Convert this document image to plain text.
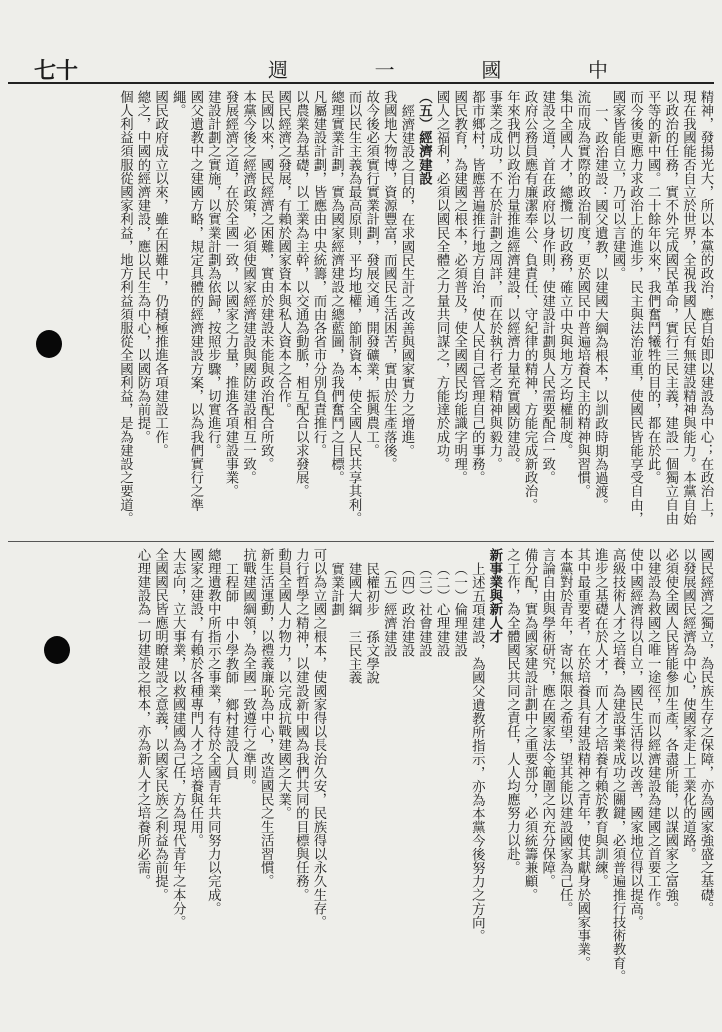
七十	週	一	國	中

精神，發揚光大，所以本黨的政治，應自始即以建設為中心；在政治上，

現在我國能否自立於世界，全視我國人民有無建設精神與能力。本黨自始

以政治的任務，實不外完成國民革命，實行三民主義，建設一個獨立自由

平等的新中國。二十餘年以來，我們奮鬥犧牲的目的，都在於此。

而今後更應力求政治上的進步，民主與法治並重，使國民皆能享受自由，

國家皆能自立，乃可以言建國。

一、政治建設：國父遺教，以建國大綱為根本，以訓政時期為過渡。

流而成為實際的政治制度，更於國民中普遍培養民主的精神與習慣。

集中全國人才，總攬一切政務，確立中央與地方之均權制度。

建設之道，首在政府以身作則，使建設計劃與人民需要配合一致。

政府公務員應有廉潔奉公、負責任、守紀律的精神，方能完成新政治。

年來我們以政治力量推進經濟建設，以經濟力量充實國防建設。

事業之成功，不在於計劃之周詳，而在於執行者之精神與毅力。

都市鄉村，皆應普遍推行地方自治，使人民自己管理自己的事務。

國民教育，為建國之根本，必須普及，使全國國民均能識字明理。

國人之福利，必須以國民全體之力量共同謀之，方能達於成功。

（五）經濟建設

經濟建設之目的，在求國民生計之改善與國家實力之增進。

我國地大物博，資源豐富，而國民生活困苦，實由於生產落後。

故今後必須實行實業計劃，發展交通，開發礦業，振興農工。

而以民生主義為最高原則，平均地權，節制資本，使全國人民共享其利。

總理實業計劃，實為國家經濟建設之總藍圖，為我們奮鬥之目標。

凡屬建設計劃，皆應由中央統籌，而由各省市分別負責推行。

以農業為基礎，以工業為主幹，以交通為動脈，相互配合以求發展。

國民經濟之發展，有賴於國家資本與私人資本之合作。

民國以來，國民經濟之困難，實由於建設未能與政治配合所致。

本黨今後之經濟政策，必須使國家經濟建設與國防建設相互一致。

發展經濟之道，在於全國一致，以國家之力量，推進各項建設事業。

建設計劃之實施，以實業計劃為依歸，按照步驟，切實進行。

國父遺教中之建國方略，規定具體的經濟建設方案，以為我們實行之準繩。

國民政府成立以來，雖在困難中，仍積極推進各項建設工作。

總之，中國的經濟建設，應以民生為中心，以國防為前提。

個人利益須服從國家利益，地方利益須服從全國利益，是為建設之要道。

國民經濟之獨立，為民族生存之保障，亦為國家強盛之基礎。

以發展國民經濟為中心，使國家走上工業化的道路。

必須使全國人民皆能參加生產，各盡所能，以謀國家之富強。

以建設為救國之唯一途徑，而以經濟建設為建國之首要工作。

使中國經濟得以自立，國民生活得以改善，國家地位得以提高。

高級技術人才之培養，為建設事業成功之關鍵，必須普遍推行技術教育。

進步之基礎在於人才，而人才之培養有賴於教育與訓練。

其中最重要者，在於培養具有建設精神之青年，使其獻身於國家事業。

本黨對於青年，寄以無限之希望，望其能以建設國家為己任。

言論自由與學術研究，應在國家法令範圍之內充分保障。

備分配，實為國家建設計劃中之重要部分，必須統籌兼顧。

之工作，為全體國民共同之責任，人人均應努力以赴。

新事業與新人才

上述五項建設，為國父遺教所指示，亦為本黨今後努力之方向。

（一）倫理建設

（二）心理建設

（三）社會建設

（四）政治建設

（五）經濟建設

民權初步　孫文學說

建國大綱　三民主義

實業計劃

可以為立國之根本，使國家得以長治久安，民族得以永久生存。

力行哲學之精神，以建設新中國為我們共同的目標與任務。

動員全國人力物力，以完成抗戰建國之大業。

新生活運動，以禮義廉恥為中心，改造國民之生活習慣。

抗戰建國綱領，為全國一致遵行之準則。

工程師　中小學教師　鄉村建設人員

總理遺教中所指示之事業，有待於全國青年共同努力以完成。

國家之建設，有賴於各種專門人才之培養與任用。

大志向，立大事業，以救國建國為己任，方為現代青年之本分。

全國國民皆應明瞭建設之意義，以國家民族之利益為前提。

心理建設為一切建設之根本，亦為新人才之培養所必需。
